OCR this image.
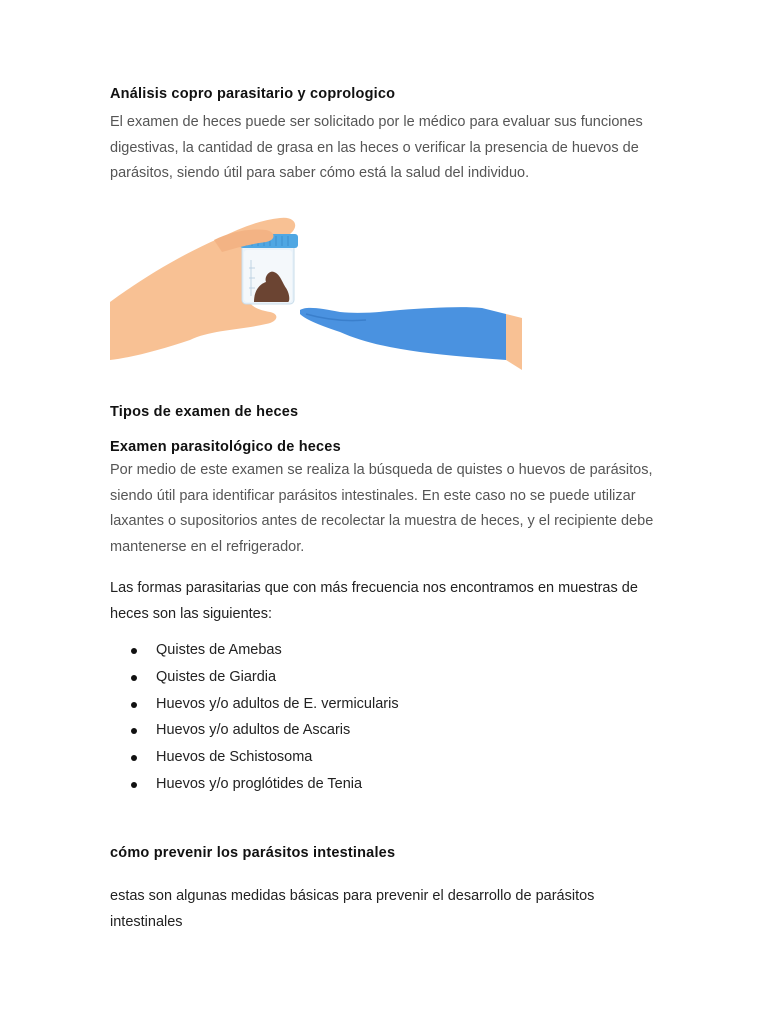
Análisis copro parasitario y coprologico

El examen de heces puede ser solicitado por le médico para evaluar sus funciones digestivas, la cantidad de grasa en las heces o verificar la presencia de huevos de parásitos, siendo útil para saber cómo está la salud del individuo.

Tipos de examen de heces
Examen parasitológico de heces

Por medio de este examen se realiza la búsqueda de quistes o huevos de parásitos, siendo útil para identificar parásitos intestinales. En este caso no se puede utilizar laxantes o supositorios antes de recolectar la muestra de heces, y el recipiente debe mantenerse en el refrigerador.

Las formas parasitarias que con más frecuencia nos encontramos en muestras de heces son las siguientes:

Quistes de Amebas
Quistes de Giardia
Huevos y/o adultos de E. vermicularis
Huevos y/o adultos de Ascaris
Huevos de Schistosoma
Huevos y/o proglótides de Tenia
cómo prevenir los parásitos intestinales

estas son algunas medidas básicas para prevenir el desarrollo de parásitos intestinales
